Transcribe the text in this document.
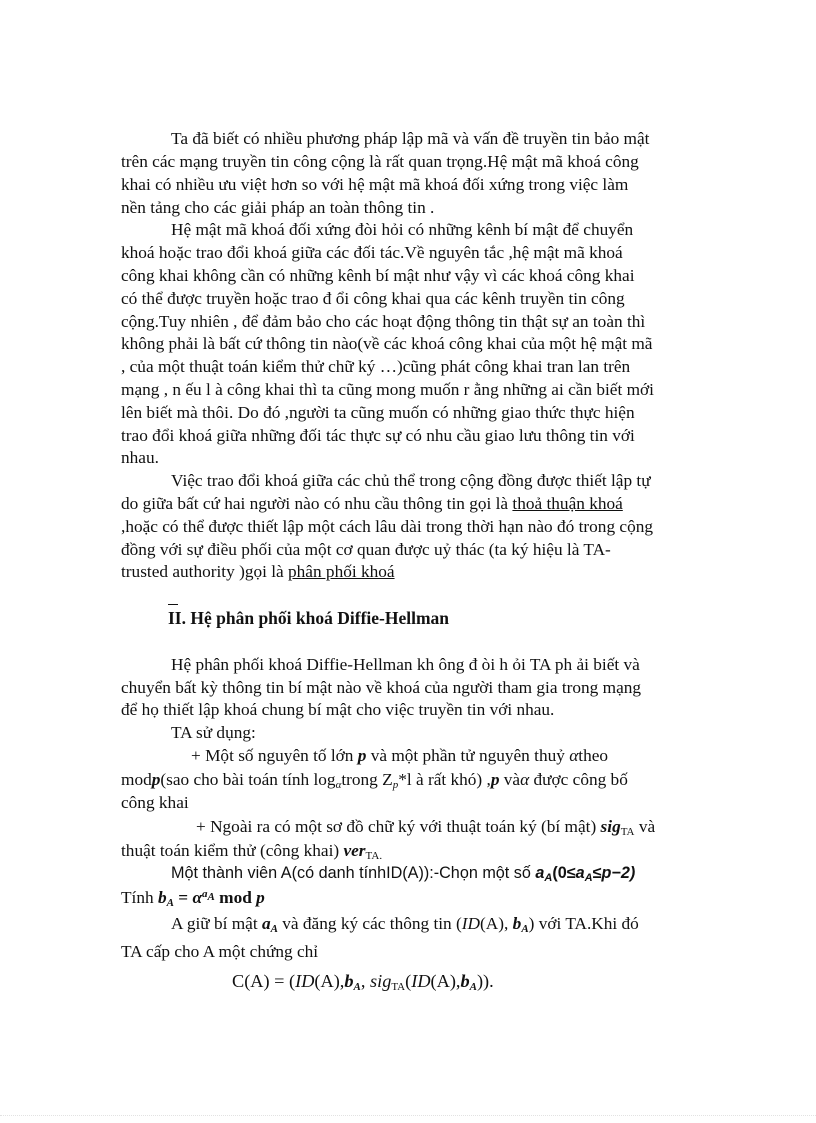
Ta đã biết có nhiều phương pháp lập mã và vấn đề truyền tin bảo mật
trên các mạng truyền tin công cộng là rất quan trọng.Hệ mật mã khoá công
khai có nhiều ưu việt hơn so với hệ mật mã khoá đối xứng trong việc làm
nền tảng cho các giải pháp an toàn thông tin .
Hệ mật mã khoá đối xứng đòi hỏi có những kênh bí mật để chuyển
khoá hoặc trao đổi khoá giữa các đối tác.Về nguyên tắc ,hệ mật mã khoá
công khai không cần có những kênh bí mật như vậy vì các khoá công khai
có thể được truyền hoặc trao đ ổi công khai qua các kênh truyền tin công
cộng.Tuy nhiên , để đảm bảo cho các hoạt động thông tin thật sự an toàn thì
không phải là bất cứ thông tin nào(về các khoá công khai của một hệ mật mã
, của một thuật toán kiểm thử chữ ký …)cũng phát công khai tran lan trên
mạng , n ếu l à công khai thì ta cũng mong muốn r ằng những ai cần biết mới
lên biết mà thôi. Do đó ,người ta cũng muốn có những giao thức thực hiện
trao đổi khoá giữa những đối tác thực sự có nhu cầu giao lưu thông tin với
nhau.
Việc trao đổi khoá giữa các chủ thể trong cộng đồng được thiết lập tự
do giữa bất cứ hai người nào có nhu cầu thông tin gọi là thoả thuận khoá
,hoặc có thể được thiết lập một cách lâu dài trong thời hạn nào đó trong cộng
đồng với sự điều phối của một cơ quan được uỷ thác (ta ký hiệu là TA-
trusted authority )gọi là phân phối khoá
II. Hệ phân phối khoá Diffie-Hellman
Hệ phân phối khoá Diffie-Hellman kh ông đ òi h ỏi TA ph ải biết và
chuyển bất kỳ thông tin bí mật nào về khoá của người tham gia trong mạng
để họ thiết lập khoá chung bí mật cho việc truyền tin với nhau.
TA sử dụng:
+ Một số nguyên tố lớn p và một phần tử nguyên thuỷ αtheo
modp(sao cho bài toán tính $\log_\alpha trong$ $Z_p*l$ à rất khó) ,p vàα được công bố
công khai
+ Ngoài ra có một sơ đồ chữ ký với thuật toán ký (bí mật) sig$_{TA}$ và
thuật toán kiểm thử (công khai) ver$_{TA.}$
Một thành viên A(có danh tínhID(A)):-Chọn một số $a_A(0\le a_A\le p-2)$
Tính $b_A = \alpha^{a_A}$ mod p
A giữ bí mật $a_A$ và đăng ký các thông tin (ID(A), $b_A$) với TA.Khi đó
TA cấp cho A một chứng chỉ
$C(A) = (ID(A),b_A$, $sig_{TA}(ID(A),b_A)$).
